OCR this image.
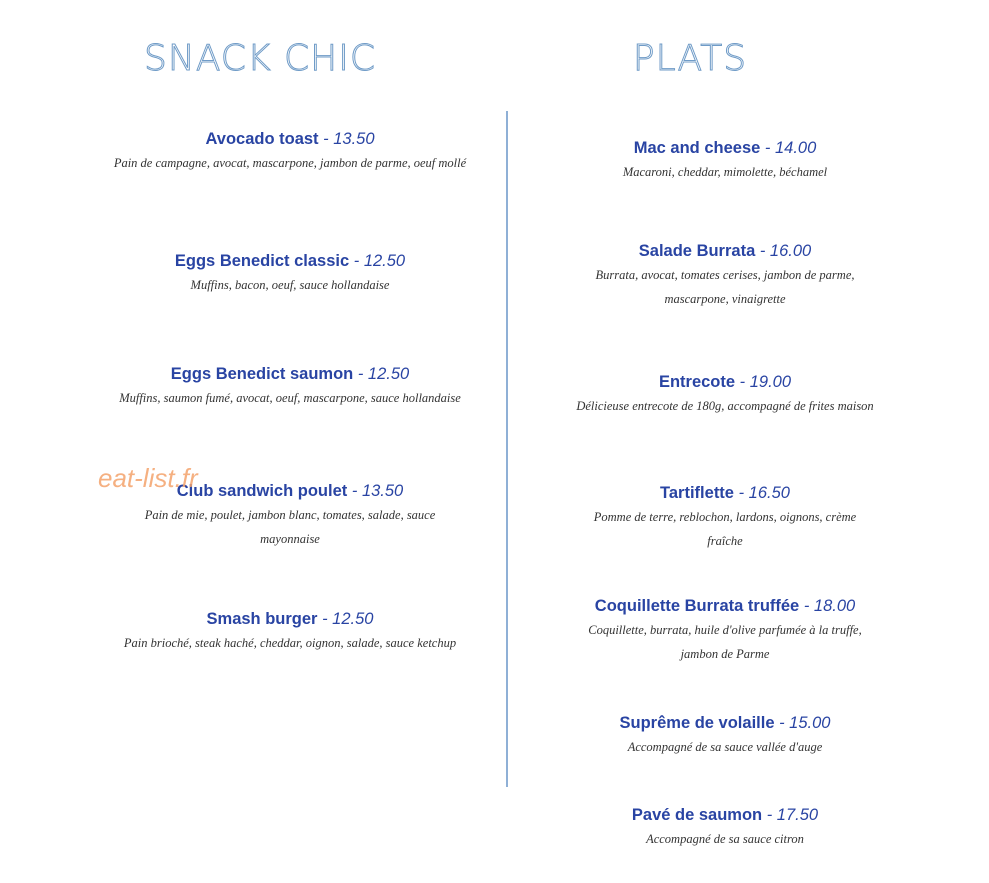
SNACK CHIC	PLATS
Avocado toast - 13.50
Pain de campagne, avocat, mascarpone, jambon de parme, oeuf mollé
Eggs Benedict classic - 12.50
Muffins, bacon, oeuf, sauce hollandaise
Eggs Benedict saumon - 12.50
Muffins, saumon fumé, avocat, oeuf, mascarpone, sauce hollandaise
Club sandwich poulet - 13.50
Pain de mie, poulet, jambon blanc, tomates, salade, sauce mayonnaise
Smash burger - 12.50
Pain brioché, steak haché, cheddar, oignon, salade, sauce ketchup
Mac and cheese - 14.00
Macaroni, cheddar, mimolette, béchamel
Salade Burrata - 16.00
Burrata, avocat, tomates cerises, jambon de parme, mascarpone, vinaigrette
Entrecote - 19.00
Délicieuse entrecote de 180g, accompagné de frites maison
Tartiflette - 16.50
Pomme de terre, reblochon, lardons, oignons, crème fraîche
Coquillette Burrata truffée - 18.00
Coquillette, burrata, huile d'olive parfumée à la truffe, jambon de Parme
Suprême de volaille - 15.00
Accompagné de sa sauce vallée d'auge
Pavé de saumon - 17.50
Accompagné de sa sauce citron
eat-list.fr
